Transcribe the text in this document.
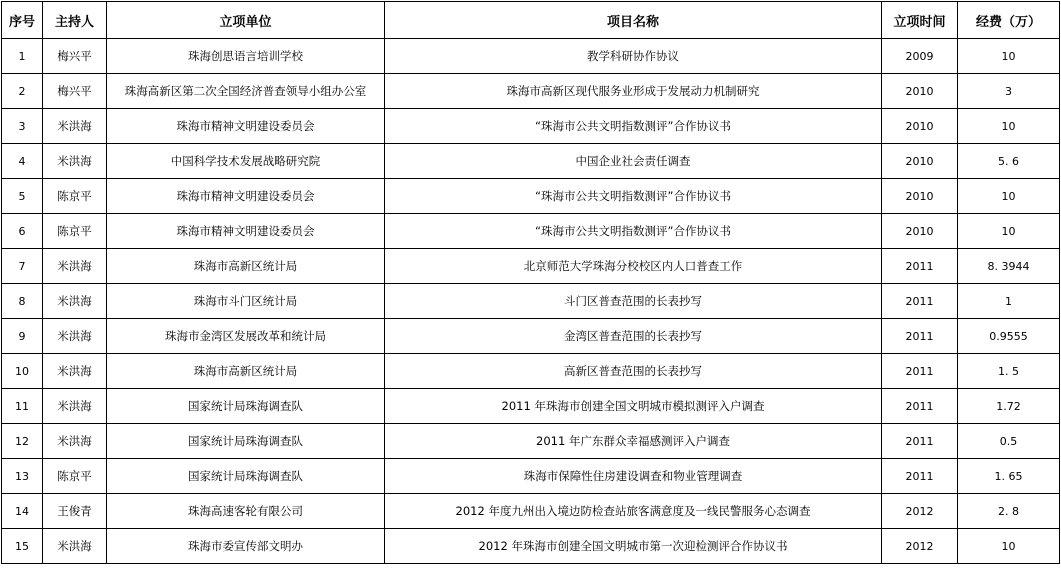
序号	主持人	立项单位	项目名称	立项时间	经费（万）
1	梅兴平	珠海创思语言培训学校	教学科研协作协议	2009	10
2	梅兴平	珠海高新区第二次全国经济普查领导小组办公室	珠海市高新区现代服务业形成于发展动力机制研究	2010	3
3	米洪海	珠海市精神文明建设委员会	“珠海市公共文明指数测评”合作协议书	2010	10
4	米洪海	中国科学技术发展战略研究院	中国企业社会责任调查	2010	5. 6
5	陈京平	珠海市精神文明建设委员会	“珠海市公共文明指数测评”合作协议书	2010	10
6	陈京平	珠海市精神文明建设委员会	“珠海市公共文明指数测评”合作协议书	2010	10
7	米洪海	珠海市高新区统计局	北京师范大学珠海分校校区内人口普查工作	2011	8. 3944
8	米洪海	珠海市斗门区统计局	斗门区普查范围的长表抄写	2011	1
9	米洪海	珠海市金湾区发展改革和统计局	金湾区普查范围的长表抄写	2011	0.9555
10	米洪海	珠海市高新区统计局	高新区普查范围的长表抄写	2011	1. 5
11	米洪海	国家统计局珠海调查队	2011 年珠海市创建全国文明城市模拟测评入户调查	2011	1.72
12	米洪海	国家统计局珠海调查队	2011 年广东群众幸福感测评入户调查	2011	0.5
13	陈京平	国家统计局珠海调查队	珠海市保障性住房建设调查和物业管理调查	2011	1. 65
14	王俊青	珠海高速客轮有限公司	2012 年度九州出入境边防检查站旅客满意度及一线民警服务心态调查	2012	2. 8
15	米洪海	珠海市委宣传部文明办	2012 年珠海市创建全国文明城市第一次迎检测评合作协议书	2012	10
